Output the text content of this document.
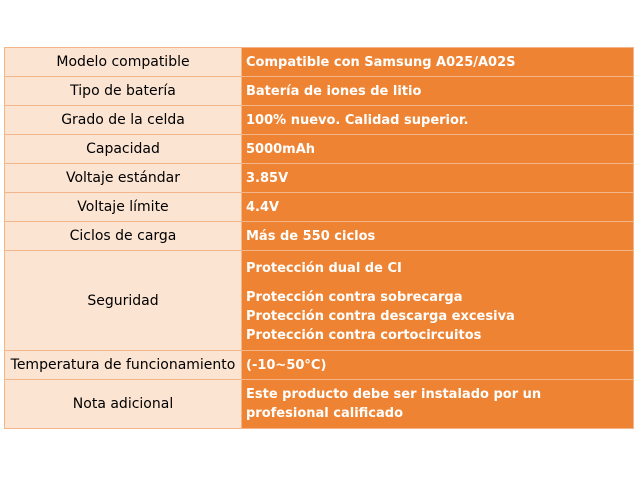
Modelo compatible	Compatible con Samsung A025/A02S
Tipo de batería	Batería de iones de litio
Grado de la celda	100% nuevo. Calidad superior.
Capacidad	5000mAh
Voltaje estándar	3.85V
Voltaje límite	4.4V
Ciclos de carga	Más de 550 ciclos
Seguridad	Protección dual de CI
Protección contra sobrecarga
Protección contra descarga excesiva
Protección contra cortocircuitos

Temperatura de funcionamiento	(-10~50°C)
Nota adicional	Este producto debe ser instalado por un profesional calificado
